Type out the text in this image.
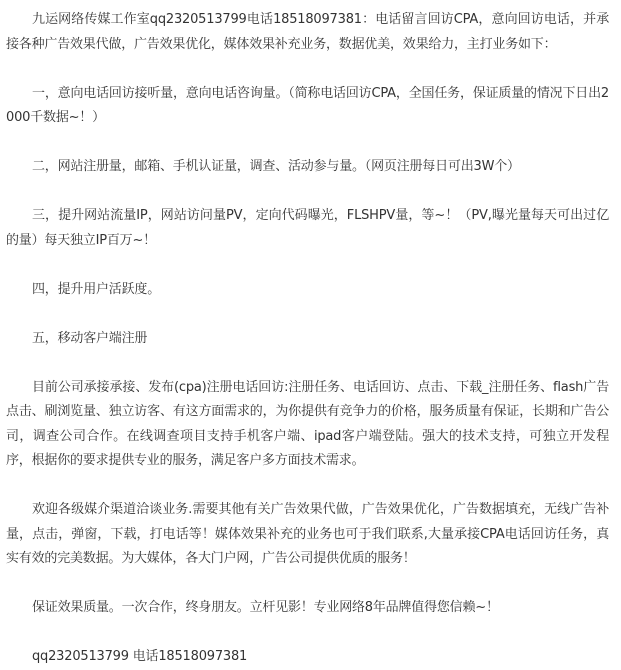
九运网络传媒工作室qq2320513799电话18518097381：电话留言回访CPA，意向回访电话，并承接各种广告效果代做，广告效果优化，媒体效果补充业务，数据优美，效果给力，主打业务如下：

一，意向电话回访接听量，意向电话咨询量。（简称电话回访CPA，全国任务，保证质量的情况下日出2000千数据~！）

二，网站注册量，邮箱、手机认证量，调查、活动参与量。（网页注册每日可出3W个）

三，提升网站流量IP，网站访问量PV，定向代码曝光，FLSHPV量，等~！（PV,曝光量每天可出过亿的量）每天独立IP百万~！

四，提升用户活跃度。

五，移动客户端注册

目前公司承接承接、发布(cpa)注册电话回访:注册任务、电话回访、点击、下载_注册任务、flash广告点击、刷浏览量、独立访客、有这方面需求的，为你提供有竞争力的价格，服务质量有保证，长期和广告公司，调查公司合作。在线调查项目支持手机客户端、ipad客户端登陆。强大的技术支持，可独立开发程序，根据你的要求提供专业的服务，满足客户多方面技术需求。

欢迎各级媒介渠道洽谈业务.需要其他有关广告效果代做，广告效果优化，广告数据填充，无线广告补量，点击，弹窗，下载，打电话等！媒体效果补充的业务也可于我们联系,大量承接CPA电话回访任务，真实有效的完美数据。为大媒体，各大门户网，广告公司提供优质的服务！

保证效果质量。一次合作，终身朋友。立杆见影！专业网络8年品牌值得您信赖~！

qq2320513799 电话18518097381
